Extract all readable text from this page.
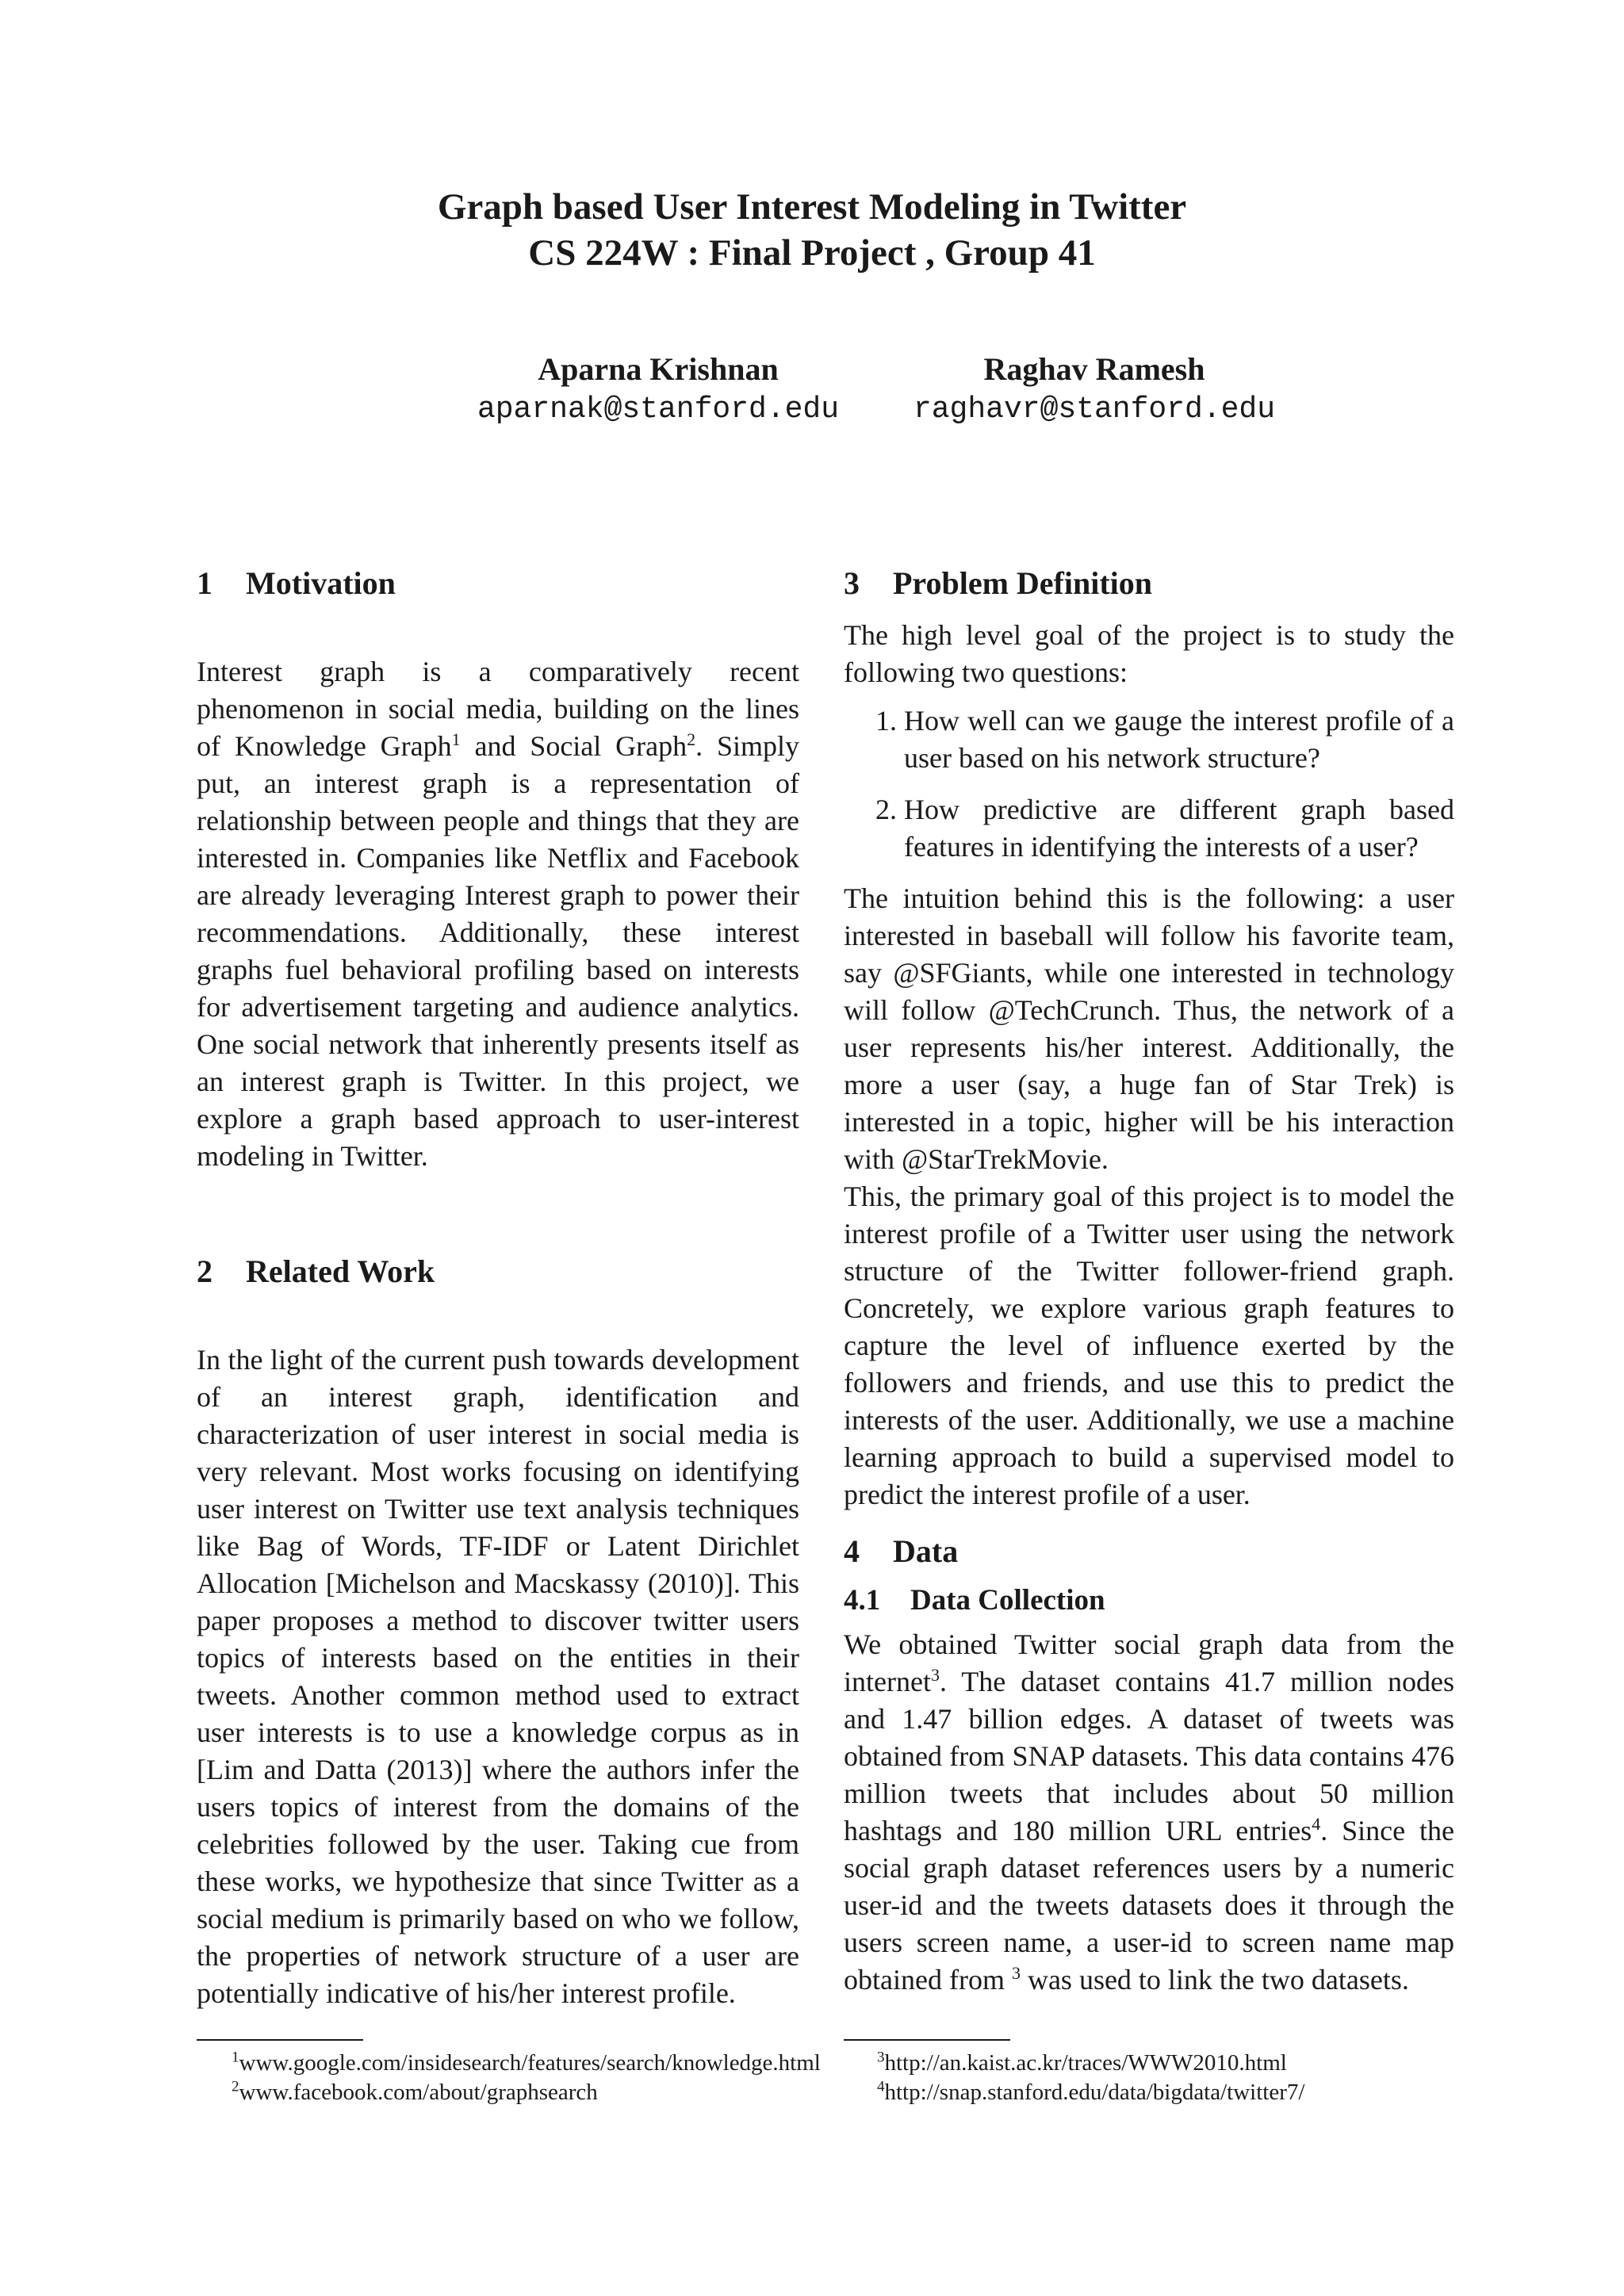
Graph based User Interest Modeling in Twitter
CS 224W : Final Project , Group 41
Aparna Krishnan
aparnak@stanford.edu
Raghav Ramesh
raghavr@stanford.edu
1 Motivation

Interest graph is a comparatively recent phenomenon in social media, building on the lines of Knowledge Graph$^1$ and Social Graph$^2$. Simply put, an interest graph is a representation of relationship between people and things that they are interested in. Companies like Netflix and Facebook are already leveraging Interest graph to power their recommendations. Additionally, these interest graphs fuel behavioral profiling based on interests for advertisement targeting and audience analytics. One social network that inherently presents itself as an interest graph is Twitter. In this project, we explore a graph based approach to user-interest modeling in Twitter.

2 Related Work

In the light of the current push towards development of an interest graph, identification and characterization of user interest in social media is very relevant. Most works focusing on identifying user interest on Twitter use text analysis techniques like Bag of Words, TF-IDF or Latent Dirichlet Allocation [Michelson and Macskassy (2010)]. This paper proposes a method to discover twitter users topics of interests based on the entities in their tweets. Another common method used to extract user interests is to use a knowledge corpus as in [Lim and Datta (2013)] where the authors infer the users topics of interest from the domains of the celebrities followed by the user. Taking cue from these works, we hypothesize that since Twitter as a social medium is primarily based on who we follow, the properties of network structure of a user are potentially indicative of his/her interest profile.

3 Problem Definition

The high level goal of the project is to study the following two questions:

1. How well can we gauge the interest profile of a user based on his network structure?
2. How predictive are different graph based features in identifying the interests of a user?

The intuition behind this is the following: a user interested in baseball will follow his favorite team, say @SFGiants, while one interested in technology will follow @TechCrunch. Thus, the network of a user represents his/her interest. Additionally, the more a user (say, a huge fan of Star Trek) is interested in a topic, higher will be his interaction with @StarTrekMovie.

This, the primary goal of this project is to model the interest profile of a Twitter user using the network structure of the Twitter follower-friend graph. Concretely, we explore various graph features to capture the level of influence exerted by the followers and friends, and use this to predict the interests of the user. Additionally, we use a machine learning approach to build a supervised model to predict the interest profile of a user.

4 Data
4.1 Data Collection

We obtained Twitter social graph data from the internet$^3$. The dataset contains 41.7 million nodes and 1.47 billion edges. A dataset of tweets was obtained from SNAP datasets. This data contains 476 million tweets that includes about 50 million hashtags and 180 million URL entries$^4$. Since the social graph dataset references users by a numeric user-id and the tweets datasets does it through the users screen name, a user-id to screen name map obtained from $^3$ was used to link the two datasets.

$^1$www.google.com/insidesearch/features/search/knowledge.html
$^2$www.facebook.com/about/graphsearch
$^3$http://an.kaist.ac.kr/traces/WWW2010.html
$^4$http://snap.stanford.edu/data/bigdata/twitter7/
